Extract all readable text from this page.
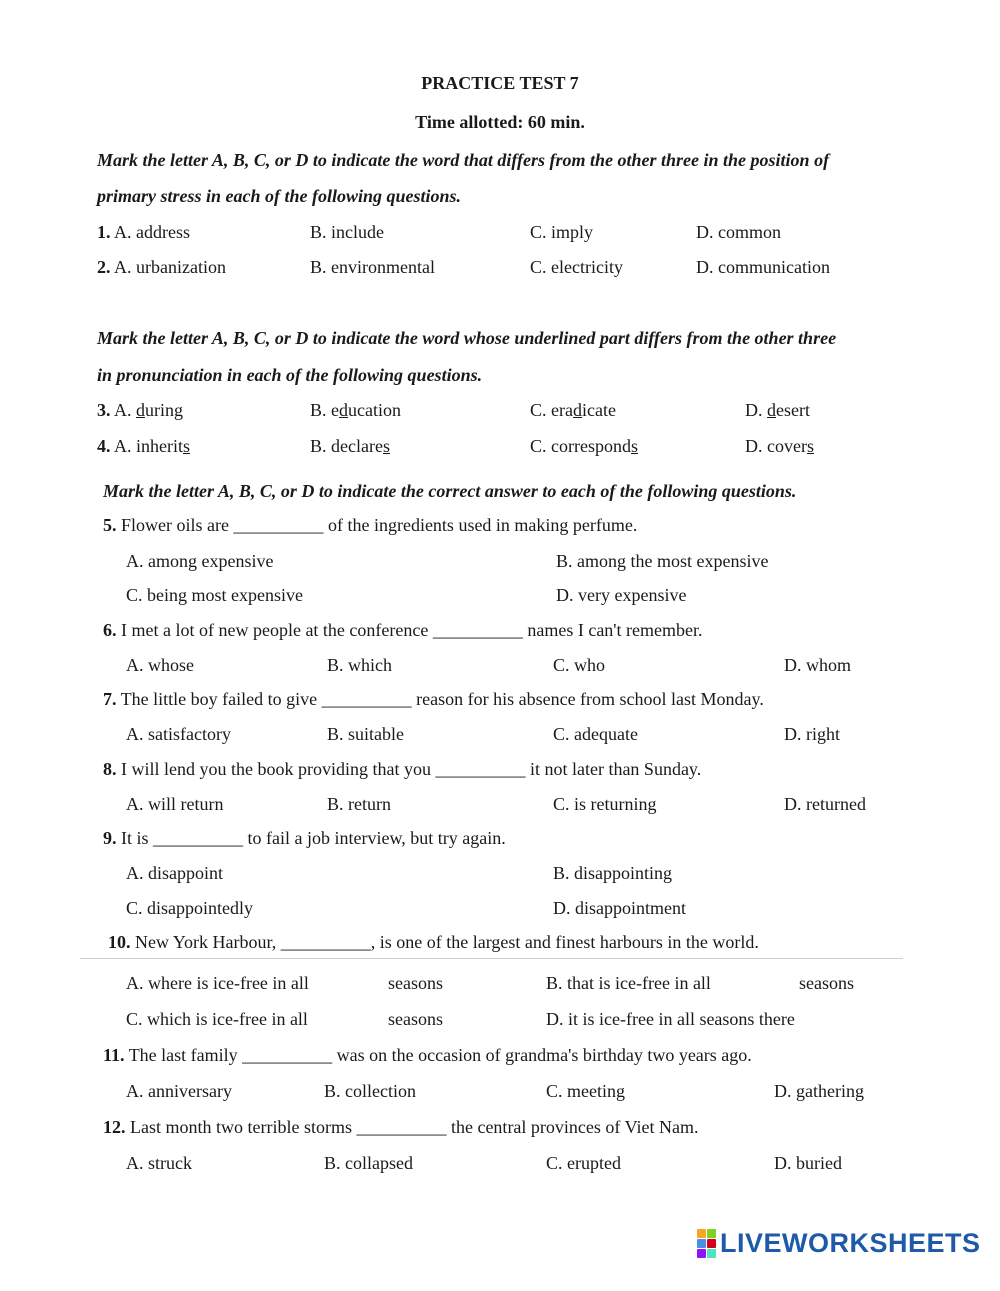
PRACTICE TEST 7
Time allotted: 60 min.
Mark the letter A, B, C, or D to indicate the word that differs from the other three in the position of
primary stress in each of the following questions.
1. A. address	B. include	C. imply	D. common
2. A. urbanization	B. environmental	C. electricity	D. communication
Mark the letter A, B, C, or D to indicate the word whose underlined part differs from the other three
in pronunciation in each of the following questions.
3. A. during	B. education	C. eradicate	D. desert
4. A. inherits	B. declares	C. corresponds	D. covers
Mark the letter A, B, C, or D to indicate the correct answer to each of the following questions.
5. Flower oils are __________ of the ingredients used in making perfume.
A. among expensive	B. among the most expensive
C. being most expensive	D. very expensive
6. I met a lot of new people at the conference __________ names I can't remember.
A. whose	B. which	C. who	D. whom
7. The little boy failed to give __________ reason for his absence from school last Monday.
A. satisfactory	B. suitable	C. adequate	D. right
8. I will lend you the book providing that you __________ it not later than Sunday.
A. will return	B. return	C. is returning	D. returned
9. It is __________ to fail a job interview, but try again.
A. disappoint	B. disappointing
C. disappointedly	D. disappointment
10. New York Harbour, __________, is one of the largest and finest harbours in the world.
A. where is ice-free in all	seasons	B. that is ice-free in all	seasons
C. which is ice-free in all	seasons	D. it is ice-free in all seasons there
11. The last family __________ was on the occasion of grandma's birthday two years ago.
A. anniversary	B. collection	C. meeting	D. gathering
12. Last month two terrible storms __________ the central provinces of Viet Nam.
A. struck	B. collapsed	C. erupted	D. buried
LIVEWORKSHEETS
